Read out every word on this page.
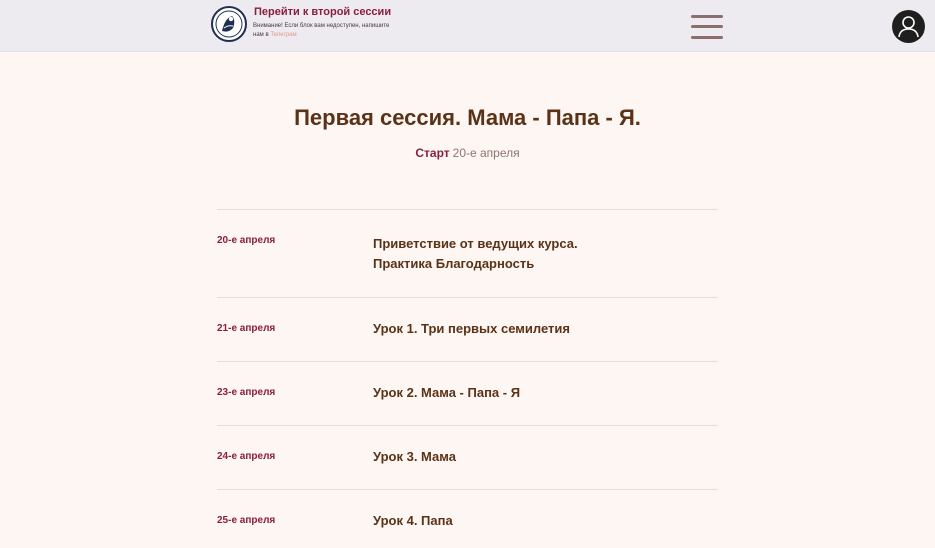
Перейти к второй сессии
Внимание! Если блок вам недоступен, напишите нам в Телеграм
Первая сессия. Мама - Папа - Я.
Старт 20-е апреля
20-е апреля	Приветствие от ведущих курса.
Практика Благодарность
21-е апреля	Урок 1. Три первых семилетия
23-е апреля	Урок 2. Мама - Папа - Я
24-е апреля	Урок 3. Мама
25-е апреля	Урок 4. Папа
